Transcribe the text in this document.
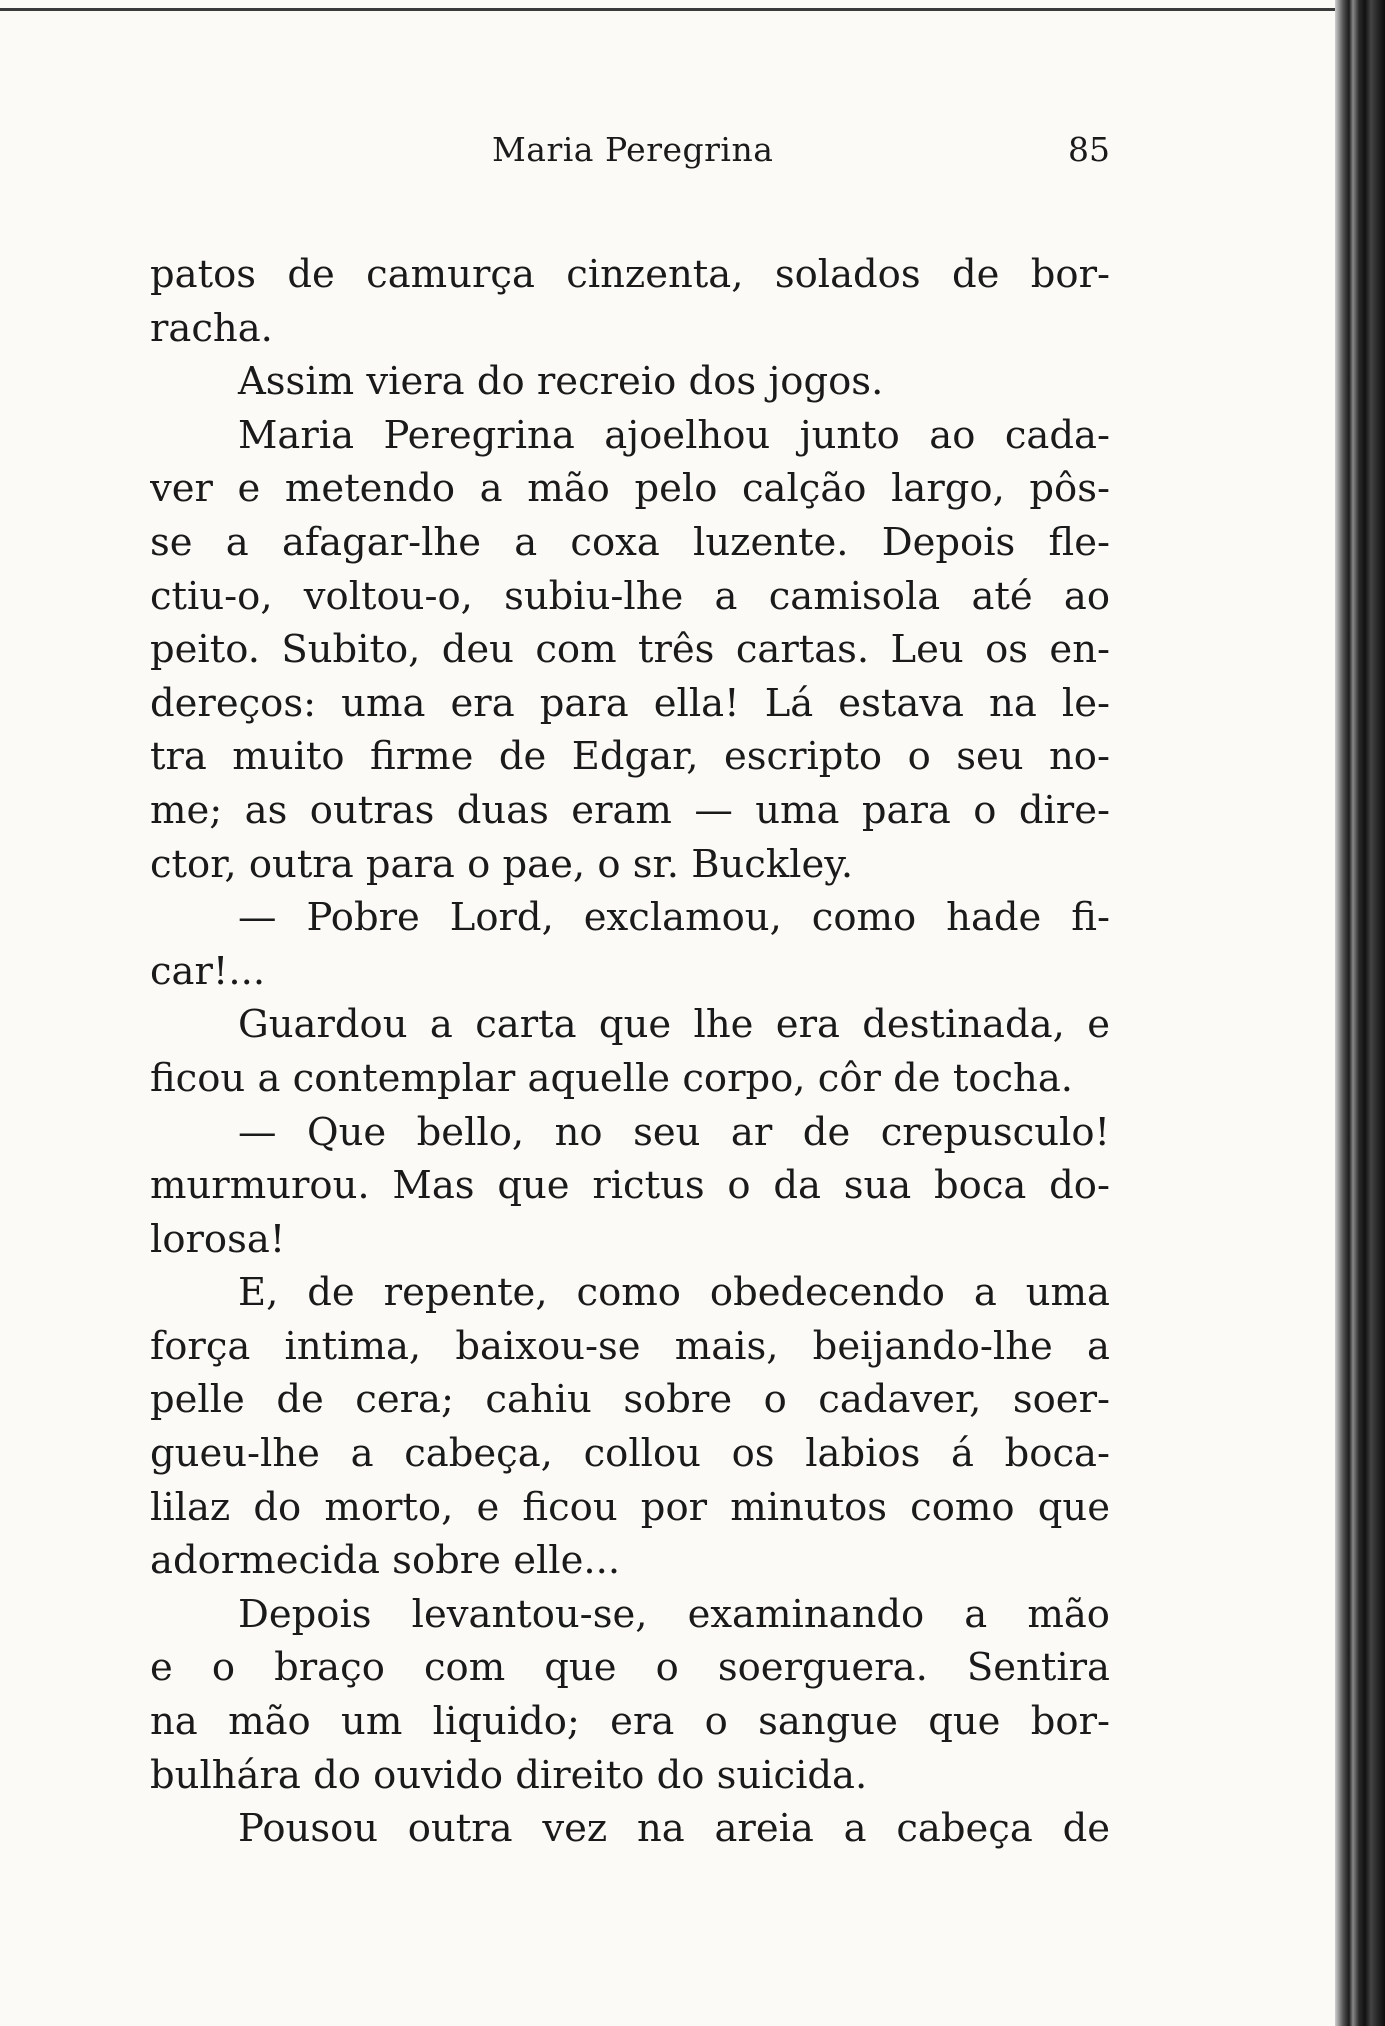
Maria Peregrina	85
patos de camurça cinzenta, solados de bor-
racha.
Assim viera do recreio dos jogos.
Maria Peregrina ajoelhou junto ao cada-
ver e metendo a mão pelo calção largo, pôs-
se a afagar-lhe a coxa luzente. Depois fle-
ctiu-o, voltou-o, subiu-lhe a camisola até ao
peito. Subito, deu com três cartas. Leu os en-
dereços: uma era para ella! Lá estava na le-
tra muito firme de Edgar, escripto o seu no-
me; as outras duas eram — uma para o dire-
ctor, outra para o pae, o sr. Buckley.
— Pobre Lord, exclamou, como hade fi-
car!...
Guardou a carta que lhe era destinada, e
ficou a contemplar aquelle corpo, côr de tocha.
— Que bello, no seu ar de crepusculo!
murmurou. Mas que rictus o da sua boca do-
lorosa!
E, de repente, como obedecendo a uma
força intima, baixou-se mais, beijando-lhe a
pelle de cera; cahiu sobre o cadaver, soer-
gueu-lhe a cabeça, collou os labios á boca-
lilaz do morto, e ficou por minutos como que
adormecida sobre elle...
Depois levantou-se, examinando a mão
e o braço com que o soerguera. Sentira
na mão um liquido; era o sangue que bor-
bulhára do ouvido direito do suicida.
Pousou outra vez na areia a cabeça de
